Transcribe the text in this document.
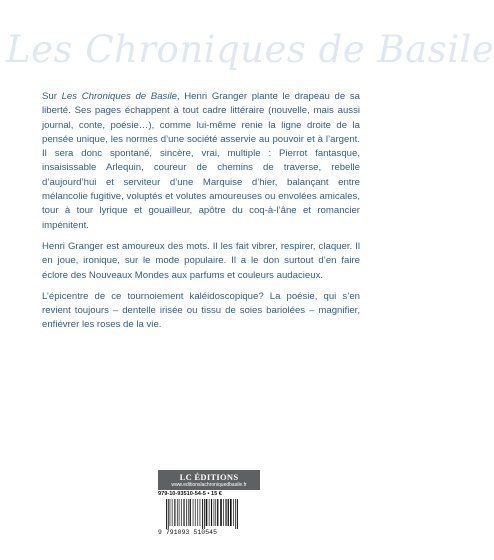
Les Chroniques de Basile

Sur Les Chroniques de Basile, Henri Granger plante le drapeau de sa liberté. Ses pages échappent à tout cadre littéraire (nouvelle, mais aussi journal, conte, poésie…), comme lui-même renie la ligne droite de la pensée unique, les normes d’une société asservie au pouvoir et à l’argent. Il sera donc spontané, sincère, vrai, multiple : Pierrot fantasque, insaisissable Arlequin, coureur de chemins de traverse, rebelle d’aujourd’hui et serviteur d’une Marquise d’hier, balançant entre mélancolie fugitive, voluptés et volutes amoureuses ou envolées amicales, tour à tour lyrique et gouailleur, apôtre du coq-à-l’âne et romancier impénitent.

Henri Granger est amoureux des mots. Il les fait vibrer, respirer, claquer. Il en joue, ironique, sur le mode populaire. Il a le don surtout d’en faire éclore des Nouveaux Mondes aux parfums et couleurs audacieux.

L’épicentre de ce tournoiement kaléidoscopique? La poésie, qui s’en revient toujours – dentelle irisée ou tissu de soies bariolées – magnifier, enfiévrer les roses de la vie.

LC ÉDITIONS
www.editionslachroniquedbasile.fr
979-10-93510-54-5 • 15 €
9 791093 510545
